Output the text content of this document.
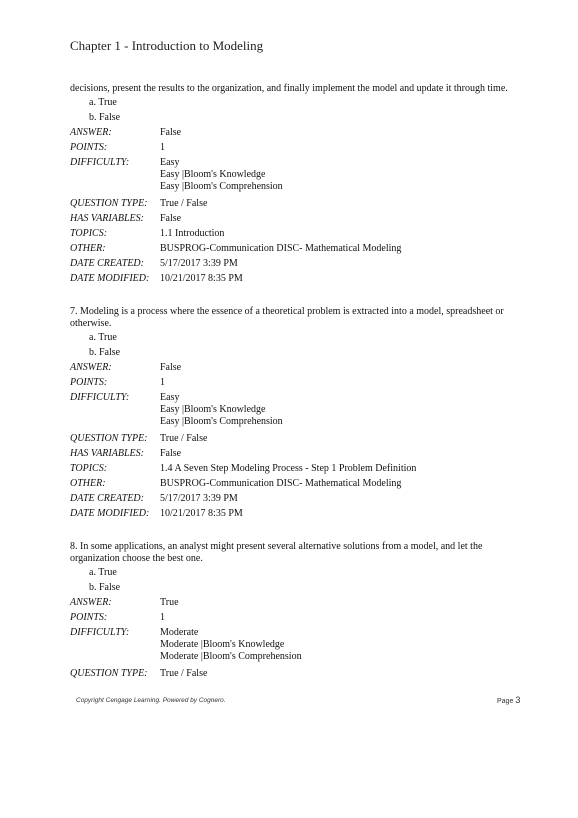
Chapter 1 - Introduction to Modeling

decisions, present the results to the organization, and finally implement the model and update it through time.

a. True
b. False
ANSWER:	False
POINTS:	1
DIFFICULTY:	Easy
Easy |Bloom's Knowledge
Easy |Bloom's Comprehension
QUESTION TYPE:	True / False
HAS VARIABLES:	False
TOPICS:	1.1 Introduction
OTHER:	BUSPROG-Communication DISC- Mathematical Modeling
DATE CREATED:	5/17/2017 3:39 PM
DATE MODIFIED:	10/21/2017 8:35 PM

7. Modeling is a process where the essence of a theoretical problem is extracted into a model, spreadsheet or otherwise.

a. True
b. False
ANSWER:	False
POINTS:	1
DIFFICULTY:	Easy
Easy |Bloom's Knowledge
Easy |Bloom's Comprehension
QUESTION TYPE:	True / False
HAS VARIABLES:	False
TOPICS:	1.4 A Seven Step Modeling Process - Step 1 Problem Definition
OTHER:	BUSPROG-Communication DISC- Mathematical Modeling
DATE CREATED:	5/17/2017 3:39 PM
DATE MODIFIED:	10/21/2017 8:35 PM

8. In some applications, an analyst might present several alternative solutions from a model, and let the organization choose the best one.

a. True
b. False
ANSWER:	True
POINTS:	1
DIFFICULTY:	Moderate
Moderate |Bloom's Knowledge
Moderate |Bloom's Comprehension
QUESTION TYPE:	True / False
Copyright Cengage Learning. Powered by Cognero.	Page 3
